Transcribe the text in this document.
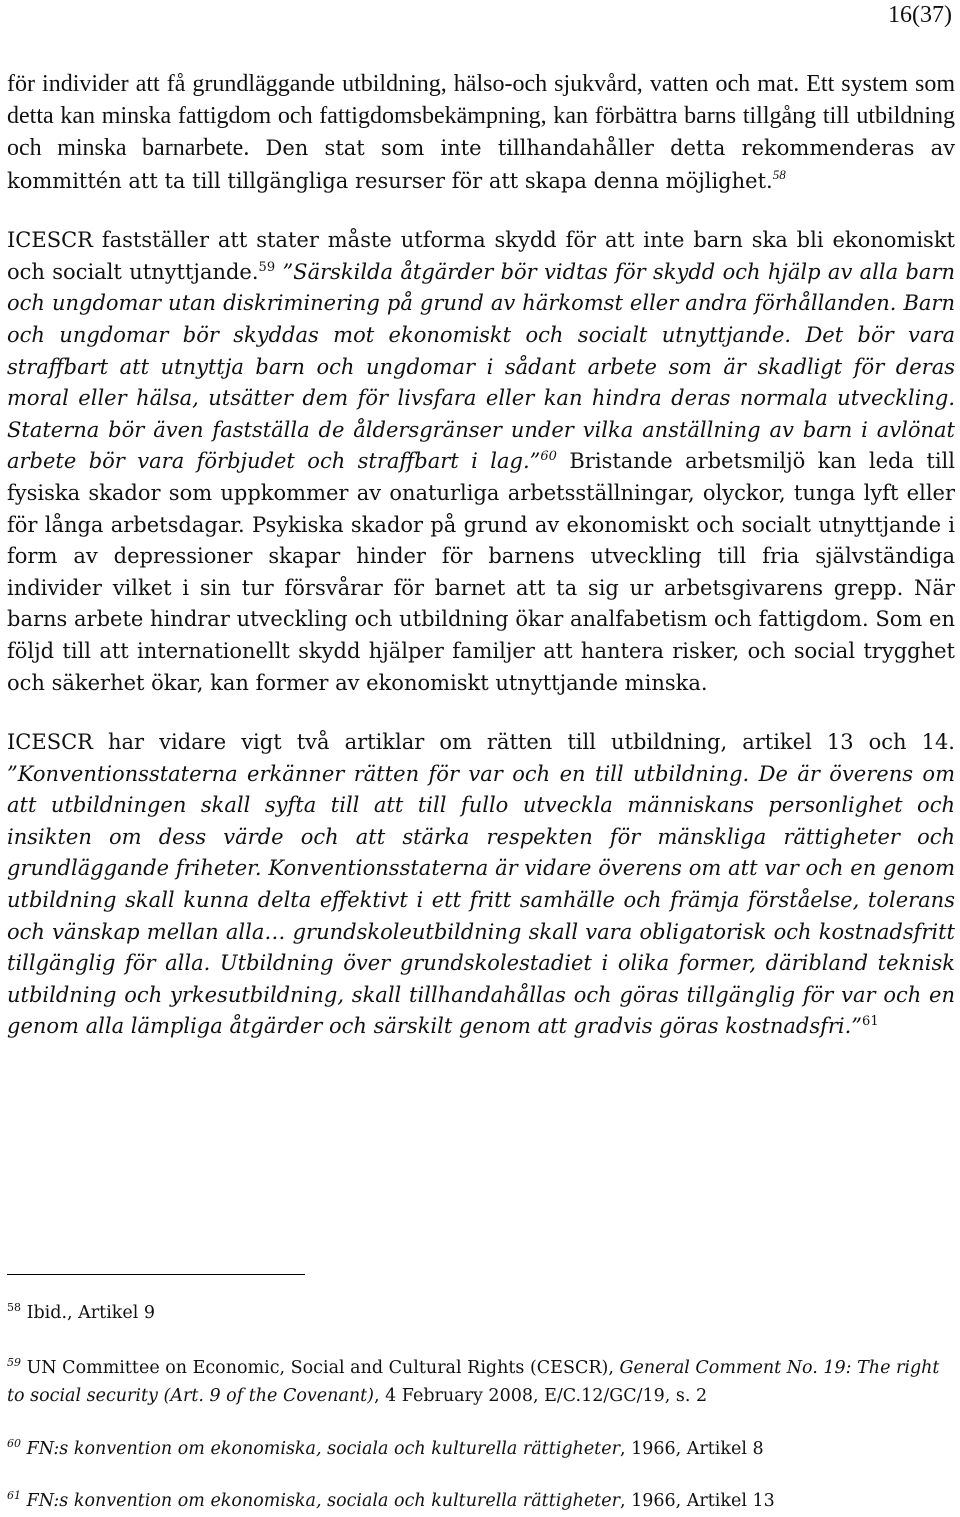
16(37)

för individer att få grundläggande utbildning, hälso-och sjukvård, vatten och mat. Ett system som detta kan minska fattigdom och fattigdomsbekämpning, kan förbättra barns tillgång till utbildning och minska barnarbete. Den stat som inte tillhandahåller detta rekommenderas av kommittén att ta till tillgängliga resurser för att skapa denna möjlighet.$^{58}$

ICESCR fastställer att stater måste utforma skydd för att inte barn ska bli ekonomiskt och socialt utnyttjande.$^{59}$ ”Särskilda åtgärder bör vidtas för skydd och hjälp av alla barn och ungdomar utan diskriminering på grund av härkomst eller andra förhållanden. Barn och ungdomar bör skyddas mot ekonomiskt och socialt utnyttjande. Det bör vara straffbart att utnyttja barn och ungdomar i sådant arbete som är skadligt för deras moral eller hälsa, utsätter dem för livsfara eller kan hindra deras normala utveckling. Staterna bör även fastställa de åldersgränser under vilka anställning av barn i avlönat arbete bör vara förbjudet och straffbart i lag.”$^{60}$ Bristande arbetsmiljö kan leda till fysiska skador som uppkommer av onaturliga arbetsställningar, olyckor, tunga lyft eller för långa arbetsdagar. Psykiska skador på grund av ekonomiskt och socialt utnyttjande i form av depressioner skapar hinder för barnens utveckling till fria självständiga individer vilket i sin tur försvårar för barnet att ta sig ur arbetsgivarens grepp. När barns arbete hindrar utveckling och utbildning ökar analfabetism och fattigdom. Som en följd till att internationellt skydd hjälper familjer att hantera risker, och social trygghet och säkerhet ökar, kan former av ekonomiskt utnyttjande minska.

ICESCR har vidare vigt två artiklar om rätten till utbildning, artikel 13 och 14. ”Konventionsstaterna erkänner rätten för var och en till utbildning. De är överens om att utbildningen skall syfta till att till fullo utveckla människans personlighet och insikten om dess värde och att stärka respekten för mänskliga rättigheter och grundläggande friheter. Konventionsstaterna är vidare överens om att var och en genom utbildning skall kunna delta effektivt i ett fritt samhälle och främja förståelse, tolerans och vänskap mellan alla… grundskoleutbildning skall vara obligatorisk och kostnadsfritt tillgänglig för alla. Utbildning över grundskolestadiet i olika former, däribland teknisk utbildning och yrkesutbildning, skall tillhandahållas och göras tillgänglig för var och en genom alla lämpliga åtgärder och särskilt genom att gradvis göras kostnadsfri.”$^{61}$

$^{58}$ Ibid., Artikel 9
$^{59}$ UN Committee on Economic, Social and Cultural Rights (CESCR), General Comment No. 19: The right to social security (Art. 9 of the Covenant), 4 February 2008, E/C.12/GC/19, s. 2
$^{60}$ FN:s konvention om ekonomiska, sociala och kulturella rättigheter, 1966, Artikel 8
$^{61}$ FN:s konvention om ekonomiska, sociala och kulturella rättigheter, 1966, Artikel 13
